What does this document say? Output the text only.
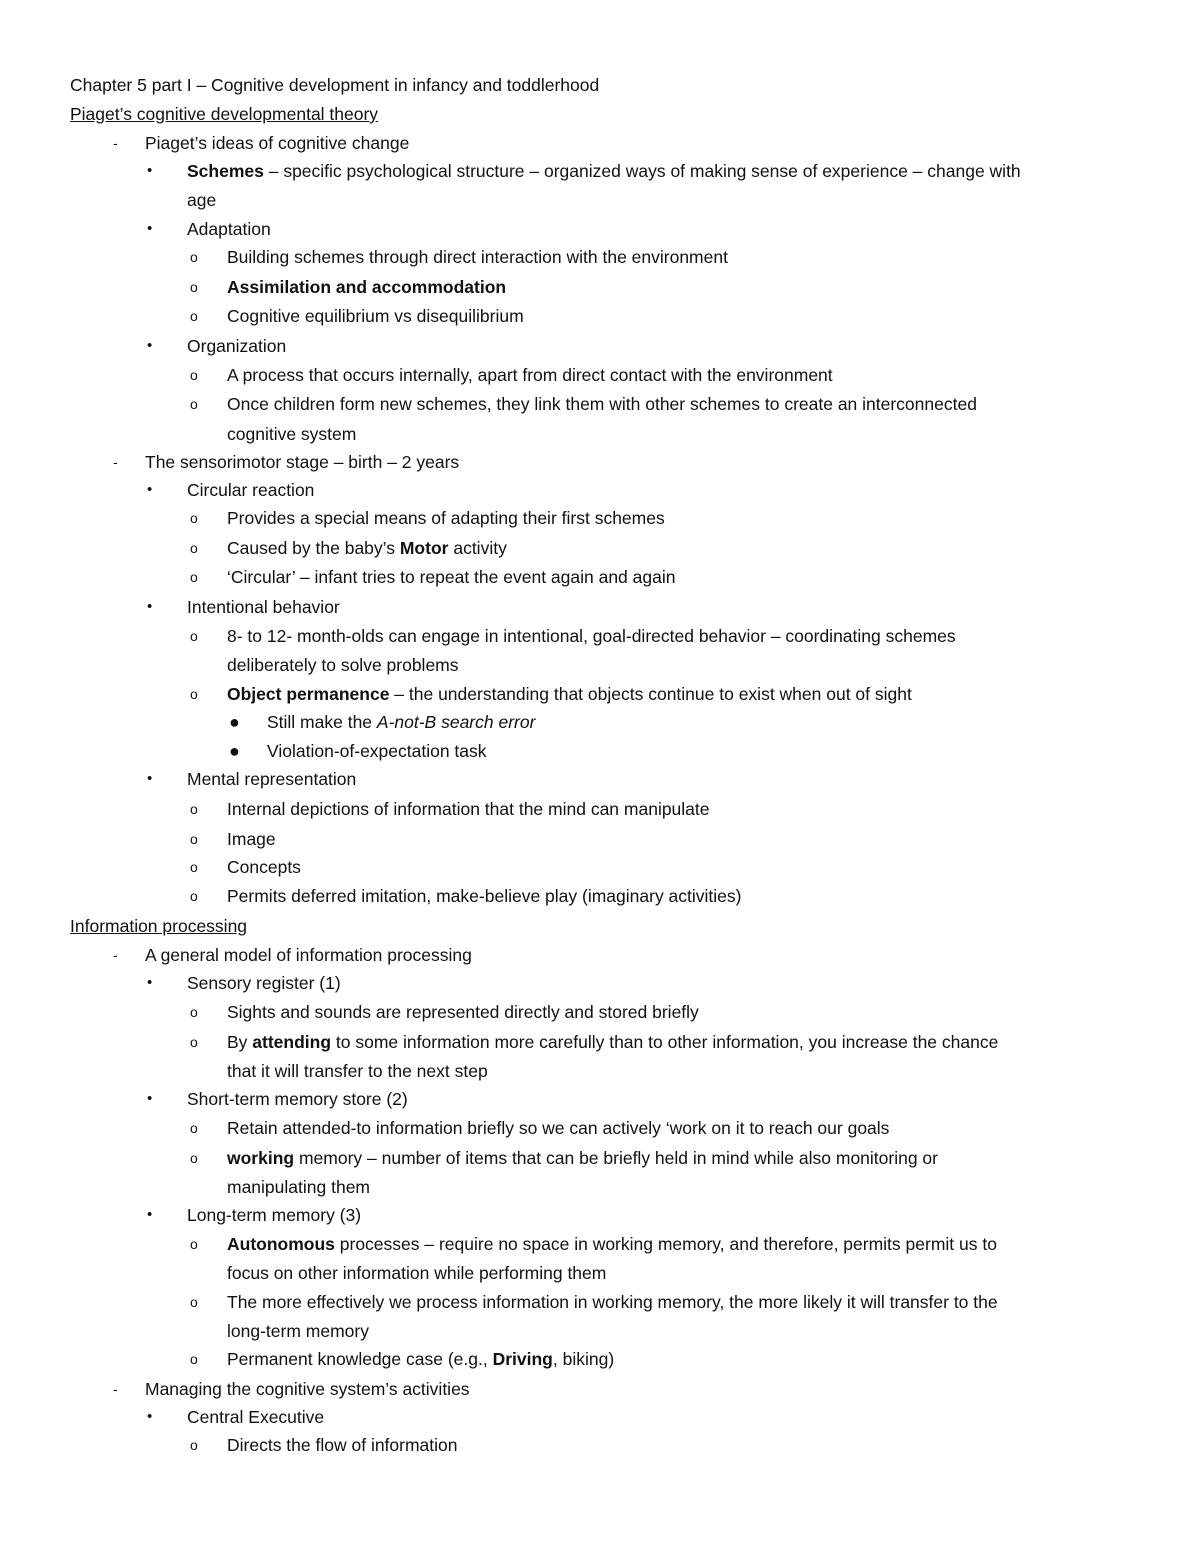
Chapter 5 part I – Cognitive development in infancy and toddlerhood
Piaget’s cognitive developmental theory
- Piaget’s ideas of cognitive change
• Schemes – specific psychological structure – organized ways of making sense of experience – change with
age
• Adaptation
o Building schemes through direct interaction with the environment
o Assimilation and accommodation
o Cognitive equilibrium vs disequilibrium
• Organization
o A process that occurs internally, apart from direct contact with the environment
o Once children form new schemes, they link them with other schemes to create an interconnected
cognitive system
- The sensorimotor stage – birth – 2 years
• Circular reaction
o Provides a special means of adapting their first schemes
o Caused by the baby’s Motor activity
o ‘Circular’ – infant tries to repeat the event again and again
• Intentional behavior
o 8- to 12- month-olds can engage in intentional, goal-directed behavior – coordinating schemes
deliberately to solve problems
o Object permanence – the understanding that objects continue to exist when out of sight
● Still make the A-not-B search error
● Violation-of-expectation task
• Mental representation
o Internal depictions of information that the mind can manipulate
o Image
o Concepts
o Permits deferred imitation, make-believe play (imaginary activities)
Information processing
- A general model of information processing
• Sensory register (1)
o Sights and sounds are represented directly and stored briefly
o By attending to some information more carefully than to other information, you increase the chance
that it will transfer to the next step
• Short-term memory store (2)
o Retain attended-to information briefly so we can actively ‘work on it to reach our goals
o working memory – number of items that can be briefly held in mind while also monitoring or
manipulating them
• Long-term memory (3)
o Autonomous processes – require no space in working memory, and therefore, permits permit us to
focus on other information while performing them
o The more effectively we process information in working memory, the more likely it will transfer to the
long-term memory
o Permanent knowledge case (e.g., Driving, biking)
- Managing the cognitive system’s activities
• Central Executive
o Directs the flow of information
